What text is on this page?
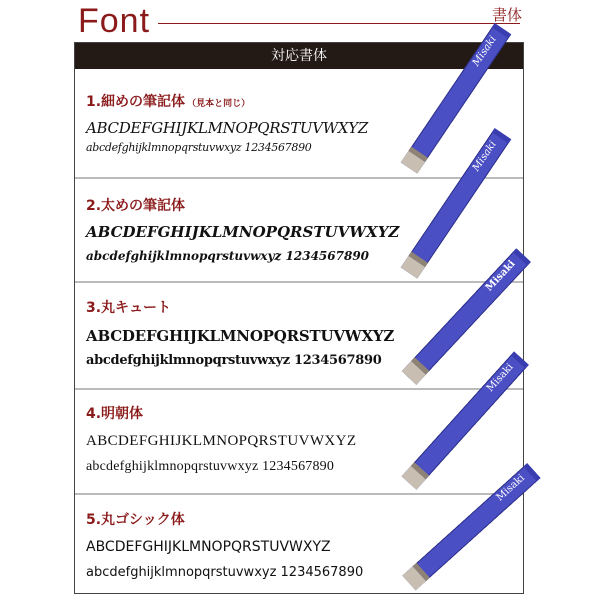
Font	書体
対応書体
1.細めの筆記体 （見本と同じ）
ABCDEFGHIJKLMNOPQRSTUVWXYZ
abcdefghijklmnopqrstuvwxyz 1234567890
Misaki
2.太めの筆記体
ABCDEFGHIJKLMNOPQRSTUVWXYZ
abcdefghijklmnopqrstuvwxyz 1234567890
Misaki
3.丸キュート
ABCDEFGHIJKLMNOPQRSTUVWXYZ
abcdefghijklmnopqrstuvwxyz 1234567890
Misaki
4.明朝体
ABCDEFGHIJKLMNOPQRSTUVWXYZ
abcdefghijklmnopqrstuvwxyz 1234567890
Misaki
5.丸ゴシック体
ABCDEFGHIJKLMNOPQRSTUVWXYZ
abcdefghijklmnopqrstuvwxyz 1234567890
Misaki
